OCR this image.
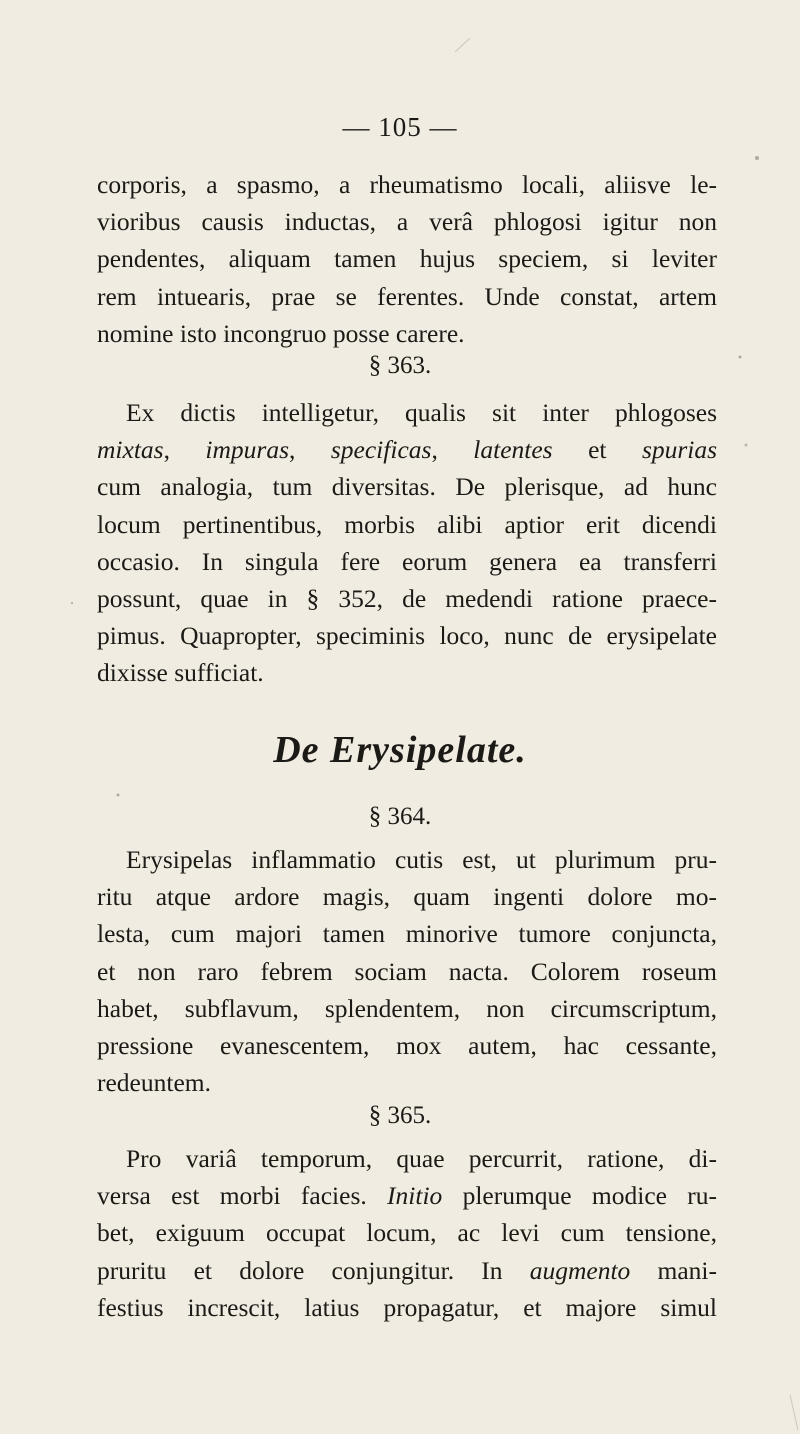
— 105 —
corporis, a spasmo, a rheumatismo locali, aliisve le-
vioribus causis inductas, a verâ phlogosi igitur non
pendentes, aliquam tamen hujus speciem, si leviter
rem intuearis, prae se ferentes. Unde constat, artem
nomine isto incongruo posse carere.
§ 363.
Ex dictis intelligetur, qualis sit inter phlogoses
mixtas, impuras, specificas, latentes et spurias
cum analogia, tum diversitas. De plerisque, ad hunc
locum pertinentibus, morbis alibi aptior erit dicendi
occasio. In singula fere eorum genera ea transferri
possunt, quae in § 352, de medendi ratione praece-
pimus. Quapropter, speciminis loco, nunc de erysipelate
dixisse sufficiat.
De Erysipelate.
§ 364.
Erysipelas inflammatio cutis est, ut plurimum pru-
ritu atque ardore magis, quam ingenti dolore mo-
lesta, cum majori tamen minorive tumore conjuncta,
et non raro febrem sociam nacta. Colorem roseum
habet, subflavum, splendentem, non circumscriptum,
pressione evanescentem, mox autem, hac cessante,
redeuntem.
§ 365.
Pro variâ temporum, quae percurrit, ratione, di-
versa est morbi facies. Initio plerumque modice ru-
bet, exiguum occupat locum, ac levi cum tensione,
pruritu et dolore conjungitur. In augmento mani-
festius increscit, latius propagatur, et majore simul
